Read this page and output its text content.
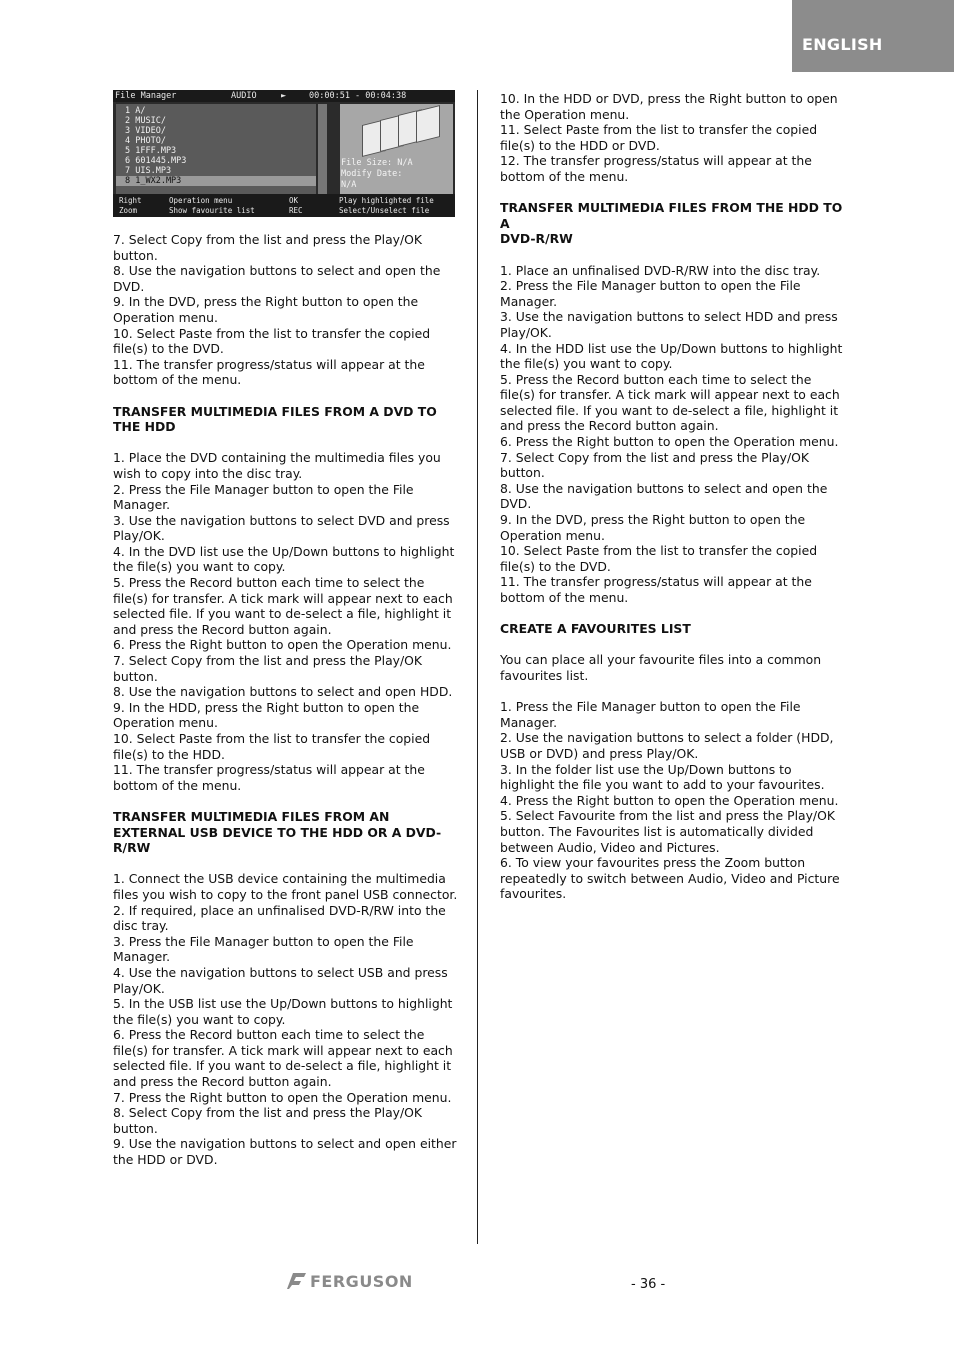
ENGLISH
File Manager	AUDIO	►	00:00:51 - 00:04:38
1 A/
2 MUSIC/
3 VIDEO/
4 PHOTO/
5 1FFF.MP3
6 601445.MP3
7 UIS.MP3
8 1_WX2.MP3
File Size: N/A
Modify Date:
N/A
Right	Operation menu	OK	Play highlighted file
Zoom	Show favourite list	REC	Select/Unselect file

7. Select Copy from the list and press the Play/OK button.

8. Use the navigation buttons to select and open the DVD.

9. In the DVD, press the Right button to open the Operation menu.

10. Select Paste from the list to transfer the copied file(s) to the DVD.

11. The transfer progress/status will appear at the bottom of the menu.

TRANSFER MULTIMEDIA FILES FROM A DVD TO THE HDD

1. Place the DVD containing the multimedia files you wish to copy into the disc tray.

2. Press the File Manager button to open the File Manager.

3. Use the navigation buttons to select DVD and press Play/OK.

4. In the DVD list use the Up/Down buttons to highlight the file(s) you want to copy.

5. Press the Record button each time to select the file(s) for transfer. A tick mark will appear next to each selected file. If you want to de-select a file, highlight it and press the Record button again.

6. Press the Right button to open the Operation menu.

7. Select Copy from the list and press the Play/OK button.

8. Use the navigation buttons to select and open HDD.

9. In the HDD, press the Right button to open the Operation menu.

10. Select Paste from the list to transfer the copied file(s) to the HDD.

11. The transfer progress/status will appear at the bottom of the menu.

TRANSFER MULTIMEDIA FILES FROM AN EXTERNAL USB DEVICE TO THE HDD OR A DVD-R/RW

1. Connect the USB device containing the multimedia files you wish to copy to the front panel USB connector.

2. If required, place an unfinalised DVD-R/RW into the disc tray.

3. Press the File Manager button to open the File Manager.

4. Use the navigation buttons to select USB and press Play/OK.

5. In the USB list use the Up/Down buttons to highlight the file(s) you want to copy.

6. Press the Record button each time to select the file(s) for transfer. A tick mark will appear next to each selected file. If you want to de-select a file, highlight it and press the Record button again.

7. Press the Right button to open the Operation menu.

8. Select Copy from the list and press the Play/OK button.

9. Use the navigation buttons to select and open either the HDD or DVD.

10. In the HDD or DVD, press the Right button to open the Operation menu.

11. Select Paste from the list to transfer the copied file(s) to the HDD or DVD.

12. The transfer progress/status will appear at the bottom of the menu.

TRANSFER MULTIMEDIA FILES FROM THE HDD TO A
DVD-R/RW

1. Place an unfinalised DVD-R/RW into the disc tray.

2. Press the File Manager button to open the File Manager.

3. Use the navigation buttons to select HDD and press Play/OK.

4. In the HDD list use the Up/Down buttons to highlight the file(s) you want to copy.

5. Press the Record button each time to select the file(s) for transfer. A tick mark will appear next to each selected file. If you want to de-select a file, highlight it and press the Record button again.

6. Press the Right button to open the Operation menu.

7. Select Copy from the list and press the Play/OK button.

8. Use the navigation buttons to select and open the DVD.

9. In the DVD, press the Right button to open the Operation menu.

10. Select Paste from the list to transfer the copied file(s) to the DVD.

11. The transfer progress/status will appear at the bottom of the menu.

CREATE A FAVOURITES LIST

You can place all your favourite files into a common favourites list.

1. Press the File Manager button to open the File Manager.

2. Use the navigation buttons to select a folder (HDD, USB or DVD) and press Play/OK.

3. In the folder list use the Up/Down buttons to highlight the file you want to add to your favourites.

4. Press the Right button to open the Operation menu.

5. Select Favourite from the list and press the Play/OK button. The Favourites list is automatically divided between Audio, Video and Pictures.

6. To view your favourites press the Zoom button repeatedly to switch between Audio, Video and Picture favourites.

FERGUSON	- 36 -
